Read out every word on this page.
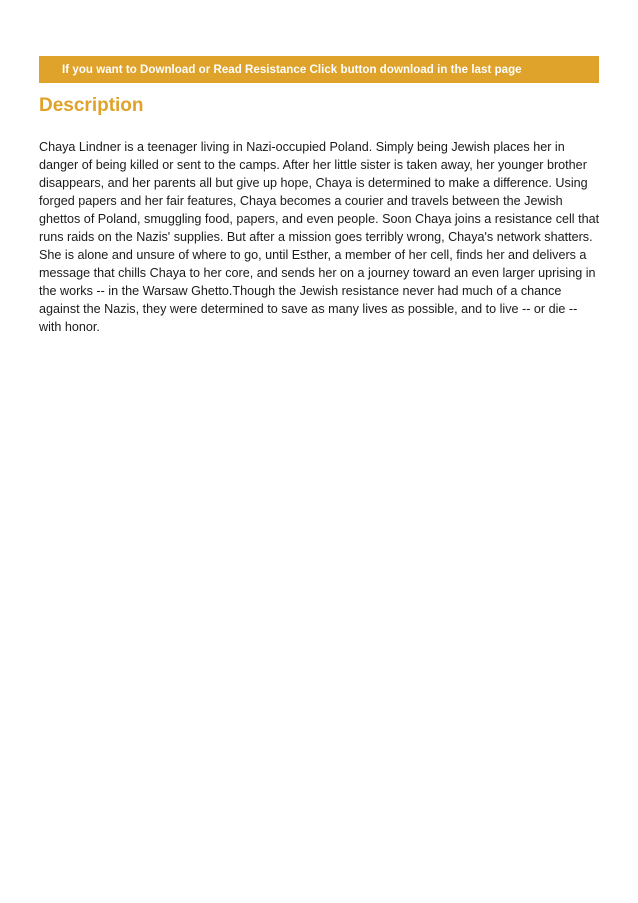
If you want to Download or Read Resistance Click button download in the last page
Description

Chaya Lindner is a teenager living in Nazi-occupied Poland. Simply being Jewish places her in danger of being killed or sent to the camps. After her little sister is taken away, her younger brother disappears, and her parents all but give up hope, Chaya is determined to make a difference. Using forged papers and her fair features, Chaya becomes a courier and travels between the Jewish ghettos of Poland, smuggling food, papers, and even people. Soon Chaya joins a resistance cell that runs raids on the Nazis' supplies. But after a mission goes terribly wrong, Chaya's network shatters. She is alone and unsure of where to go, until Esther, a member of her cell, finds her and delivers a message that chills Chaya to her core, and sends her on a journey toward an even larger uprising in the works -- in the Warsaw Ghetto.Though the Jewish resistance never had much of a chance against the Nazis, they were determined to save as many lives as possible, and to live -- or die -- with honor.
